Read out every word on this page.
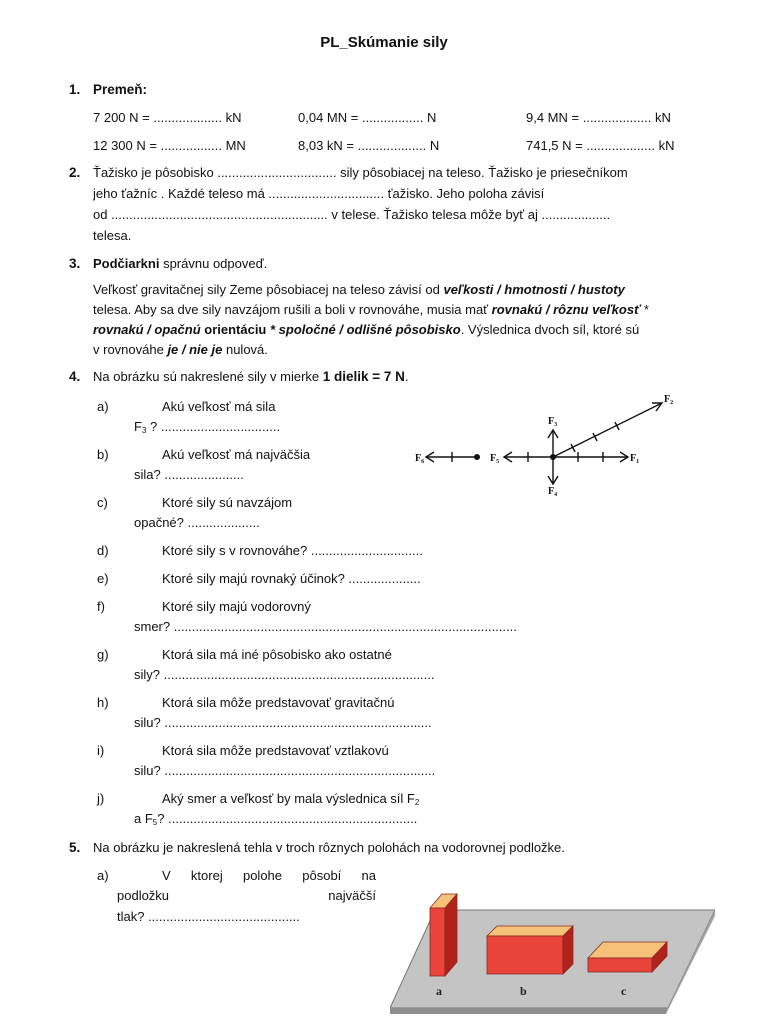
PL_Skúmanie sily
1. Premeň:
7 200 N = ................... kN	0,04 MN = ................. N	9,4 MN = ................... kN
12 300 N = ................. MN	8,03 kN = ................... N	741,5 N = ................... kN
2. Ťažisko je pôsobisko ................................. sily pôsobiacej na teleso. Ťažisko je priesečníkom
jeho ťažníc . Každé teleso má ................................ ťažisko. Jeho poloha závisí
od ............................................................ v telese. Ťažisko telesa môže byť aj ...................
telesa.
3. Podčiarkni správnu odpoveď.
Veľkosť gravitačnej sily Zeme pôsobiacej na teleso závisí od veľkosti / hmotnosti / hustoty
telesa. Aby sa dve sily navzájom rušili a boli v rovnováhe, musia mať rovnakú / rôznu veľkosť *
rovnakú / opačnú orientáciu * spoločné / odlišné pôsobisko. Výslednica dvoch síl, ktoré sú
v rovnováhe je / nie je nulová.
4. Na obrázku sú nakreslené sily v mierke 1 dielik = 7 N.
a)	Akú veľkosť má sila
$F_3$ ? .................................
b)	Akú veľkosť má najväčšia
sila? ......................
c)	Ktoré sily sú navzájom
opačné? ....................
d)	Ktoré sily s v rovnováhe? ...............................
e)	Ktoré sily majú rovnaký účinok? ....................
f)	Ktoré sily majú vodorovný
smer? ...............................................................................................
g)	Ktorá sila má iné pôsobisko ako ostatné
sily? ...........................................................................
h)	Ktorá sila môže predstavovať gravitačnú
silu? ..........................................................................
i)	Ktorá sila môže predstavovať vztlakovú
silu? ...........................................................................
j)	Aký smer a veľkosť by mala výslednica síl $F_2$
a $F_5$? .....................................................................
$F_1$
$F_2$
$F_3$
$F_4$
$F_5$
$F_6$
5. Na obrázku je nakreslená tehla v troch rôznych polohách na vodorovnej podložke.
a)	V ktorej polohe pôsobí na
podložku	najväčší
tlak? ..........................................
a	b	c
